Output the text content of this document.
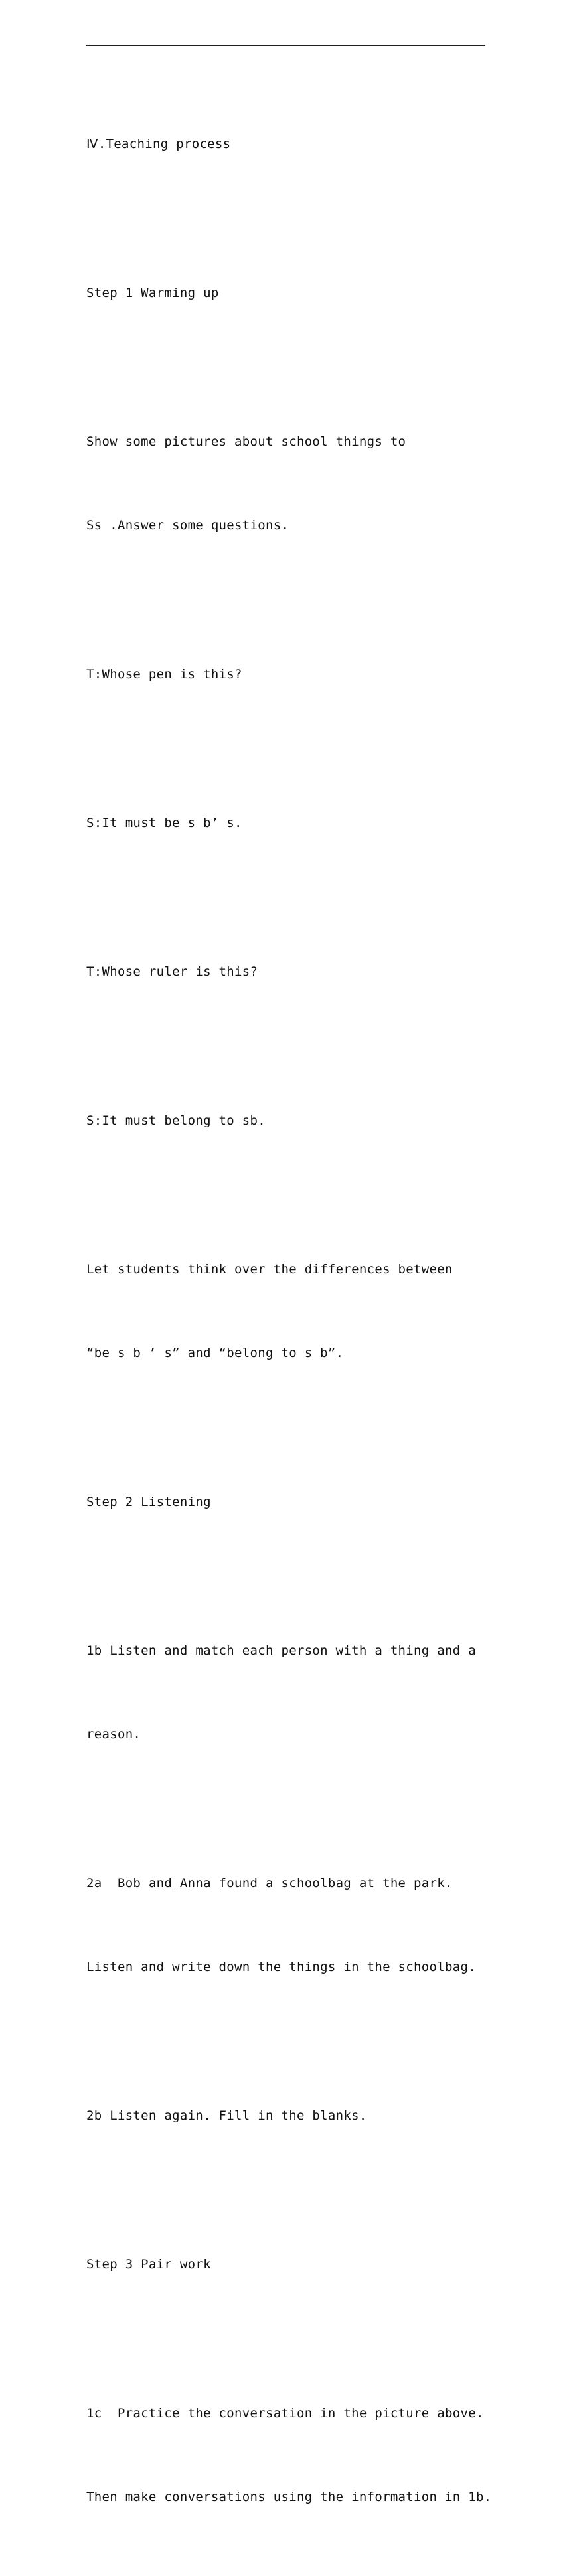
Ⅳ.Teaching process

Step 1 Warming up

Show some pictures about school things to

Ss .Answer some questions.

T:Whose pen is this?

S:It must be s b’ s.

T:Whose ruler is this?

S:It must belong to sb.

Let students think over the differences between

“be s b ’ s” and “belong to s b”.

Step 2 Listening

1b Listen and match each person with a thing and a

reason.

2a  Bob and Anna found a schoolbag at the park.

Listen and write down the things in the schoolbag.

2b Listen again. Fill in the blanks.

Step 3 Pair work

1c  Practice the conversation in the picture above.

Then make conversations using the information in 1b.
